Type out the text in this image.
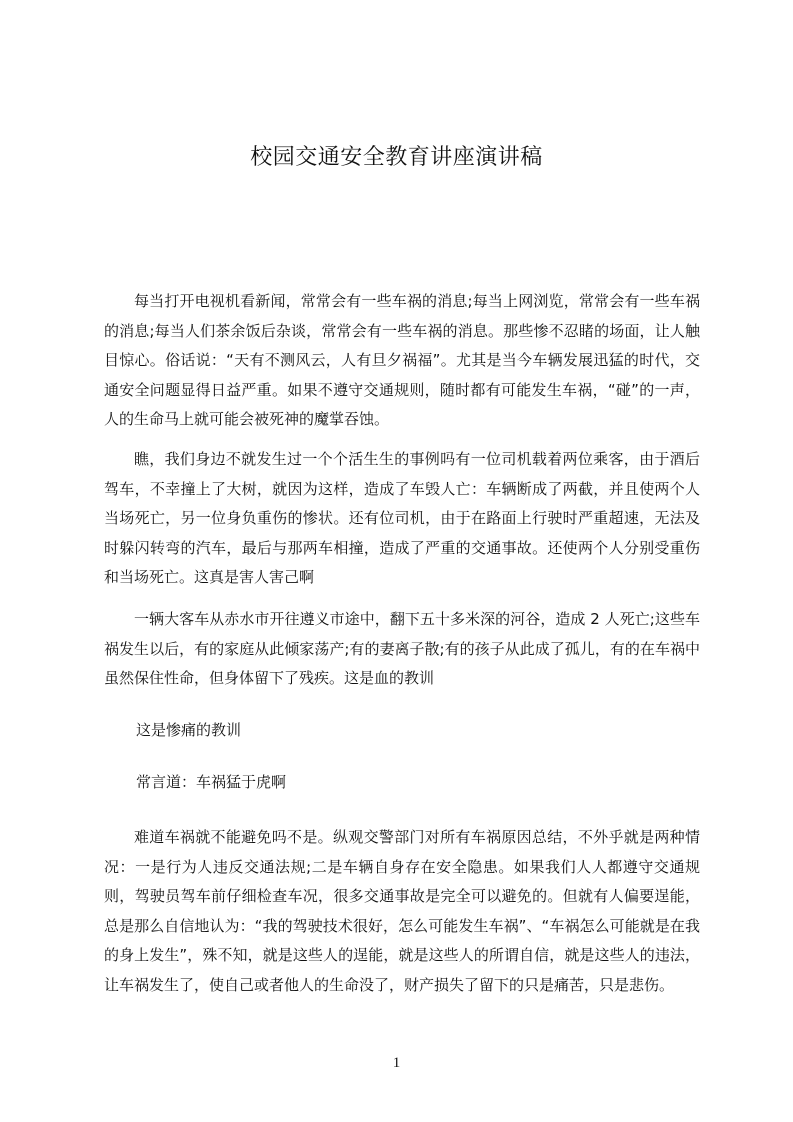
校园交通安全教育讲座演讲稿

每当打开电视机看新闻，常常会有一些车祸的消息;每当上网浏览，常常会有一些车祸的消息;每当人们茶余饭后杂谈，常常会有一些车祸的消息。那些惨不忍睹的场面，让人触目惊心。俗话说：“天有不测风云，人有旦夕祸福”。尤其是当今车辆发展迅猛的时代，交通安全问题显得日益严重。如果不遵守交通规则，随时都有可能发生车祸，“碰”的一声，人的生命马上就可能会被死神的魔掌吞蚀。

瞧，我们身边不就发生过一个个活生生的事例吗有一位司机载着两位乘客，由于酒后驾车，不幸撞上了大树，就因为这样，造成了车毁人亡：车辆断成了两截，并且使两个人当场死亡，另一位身负重伤的惨状。还有位司机，由于在路面上行驶时严重超速，无法及时躲闪转弯的汽车，最后与那两车相撞，造成了严重的交通事故。还使两个人分别受重伤和当场死亡。这真是害人害己啊

一辆大客车从赤水市开往遵义市途中，翻下五十多米深的河谷，造成 2 人死亡;这些车祸发生以后，有的家庭从此倾家荡产;有的妻离子散;有的孩子从此成了孤儿，有的在车祸中虽然保住性命，但身体留下了残疾。这是血的教训

这是惨痛的教训
常言道：车祸猛于虎啊

难道车祸就不能避免吗不是。纵观交警部门对所有车祸原因总结，不外乎就是两种情况：一是行为人违反交通法规;二是车辆自身存在安全隐患。如果我们人人都遵守交通规则，驾驶员驾车前仔细检查车况，很多交通事故是完全可以避免的。但就有人偏要逞能，总是那么自信地认为：“我的驾驶技术很好，怎么可能发生车祸”、“车祸怎么可能就是在我的身上发生”，殊不知，就是这些人的逞能，就是这些人的所谓自信，就是这些人的违法，让车祸发生了，使自己或者他人的生命没了，财产损失了留下的只是痛苦，只是悲伤。

1
